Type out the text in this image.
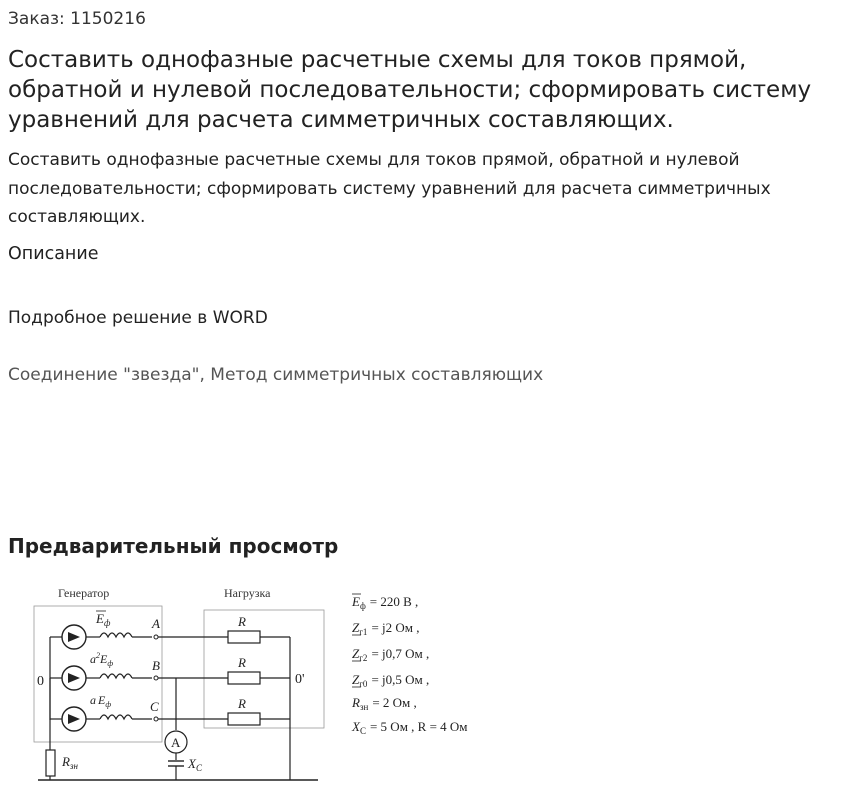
Заказ: 1150216
Составить однофазные расчетные схемы для токов прямой, обратной и нулевой последовательности; сформировать систему уравнений для расчета симметричных составляющих.

Составить однофазные расчетные схемы для токов прямой, обратной и нулевой последовательности; сформировать систему уравнений для расчета симметричных составляющих.

Описание
Подробное решение в WORD
Соединение "звезда", Метод симметричных составляющих
Предварительный просмотр
Генератор	Нагрузка
0
$E_ф$	A
$a^2E_ф$	B
a $E_ф$	C
R
R
R
0'
A
$X_C$
$R_{зн}$
$E_ф = 220$ В ,
$Z_{г1} = j2$ Ом ,
$Z_{г2} = j0,7$ Ом ,
$Z_{г0} = j0,5$ Ом ,
$R_{зн} = 2$ Ом ,
$X_C = 5$ Ом , R = 4 Ом
